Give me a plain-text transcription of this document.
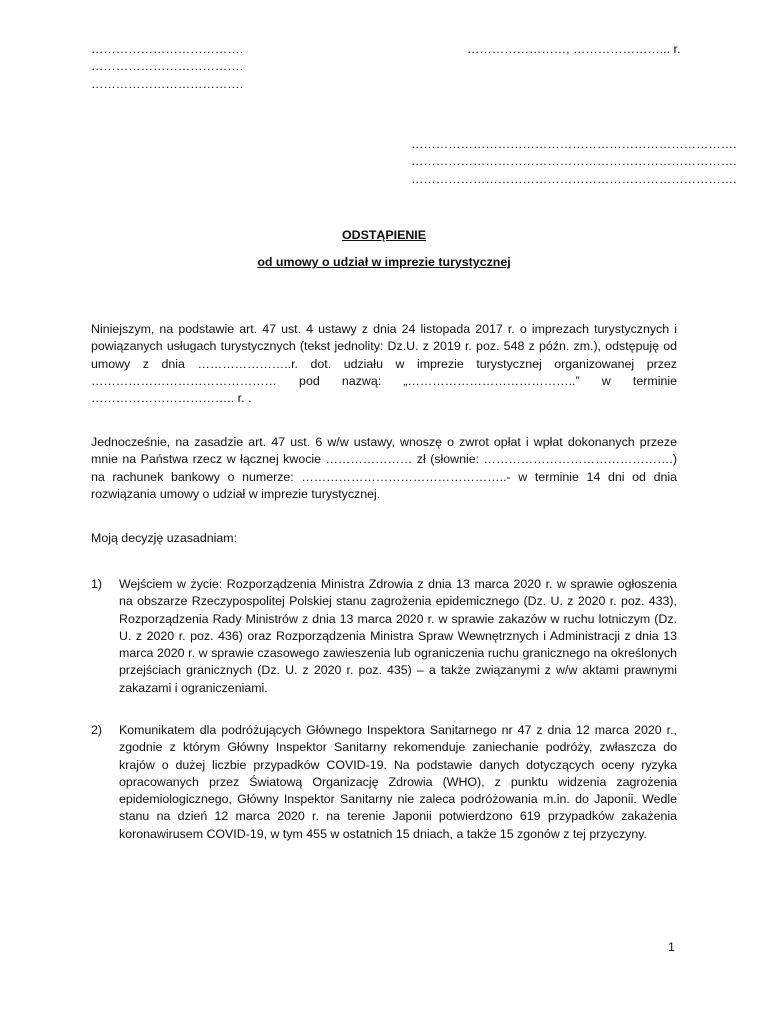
……………………………….
……………………………….
……………………………….
……………………, …………………... r.
…………………………………………………………………….
…………………………………………………………………….
…………………………………………………………………….
ODSTĄPIENIE
od umowy o udział w imprezie turystycznej
Niniejszym, na podstawie art. 47 ust. 4 ustawy z dnia 24 listopada 2017 r. o imprezach turystycznych i powiązanych usługach turystycznych (tekst jednolity: Dz.U. z 2019 r. poz. 548 z późn. zm.), odstępuję od umowy z dnia …………………..r. dot. udziału w imprezie turystycznej organizowanej przez ……………………………………… pod nazwą: „…………………………………..” w terminie …………………………….. r. .
Jednocześnie, na zasadzie art. 47 ust. 6 w/w ustawy, wnoszę o zwrot opłat i wpłat dokonanych przeze mnie na Państwa rzecz w łącznej kwocie ………………… zł (słownie: ……………………………………….) na rachunek bankowy o numerze: …………………………………………..- w terminie 14 dni od dnia rozwiązania umowy o udział w imprezie turystycznej.
Moją decyzję uzasadniam:
1) Wejściem w życie: Rozporządzenia Ministra Zdrowia z dnia 13 marca 2020 r. w sprawie ogłoszenia na obszarze Rzeczypospolitej Polskiej stanu zagrożenia epidemicznego (Dz. U. z 2020 r. poz. 433), Rozporządzenia Rady Ministrów z dnia 13 marca 2020 r. w sprawie zakazów w ruchu lotniczym (Dz. U. z 2020 r. poz. 436) oraz Rozporządzenia Ministra Spraw Wewnętrznych i Administracji z dnia 13 marca 2020 r. w sprawie czasowego zawieszenia lub ograniczenia ruchu granicznego na określonych przejściach granicznych (Dz. U. z 2020 r. poz. 435) – a także związanymi z w/w aktami prawnymi zakazami i ograniczeniami.
2) Komunikatem dla podróżujących Głównego Inspektora Sanitarnego nr 47 z dnia 12 marca 2020 r., zgodnie z którym Główny Inspektor Sanitarny rekomenduje zaniechanie podróży, zwłaszcza do krajów o dużej liczbie przypadków COVID-19. Na podstawie danych dotyczących oceny ryzyka opracowanych przez Światową Organizację Zdrowia (WHO), z punktu widzenia zagrożenia epidemiologicznego, Główny Inspektor Sanitarny nie zaleca podróżowania m.in. do Japonii. Wedle stanu na dzień 12 marca 2020 r. na terenie Japonii potwierdzono 619 przypadków zakażenia koronawirusem COVID-19, w tym 455 w ostatnich 15 dniach, a także 15 zgonów z tej przyczyny.
1
